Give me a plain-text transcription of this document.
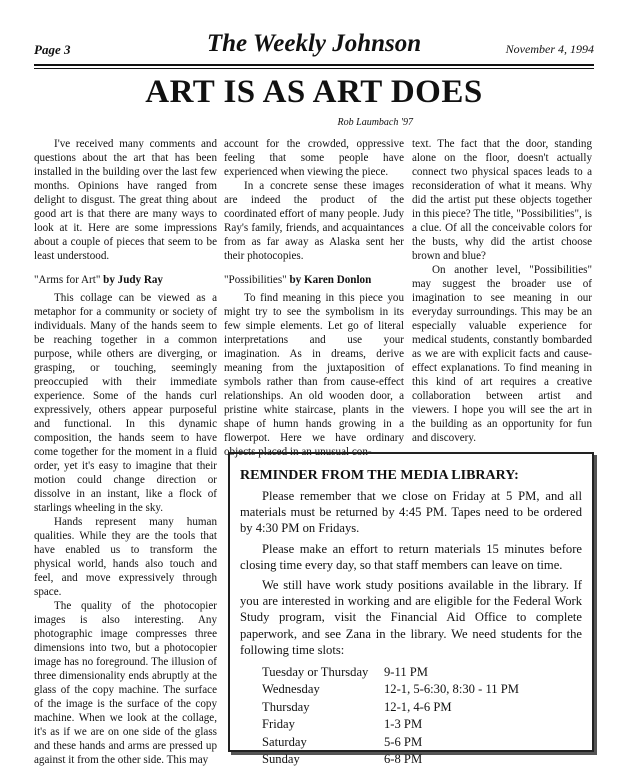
Page 3	The Weekly Johnson	November 4, 1994
ART IS AS ART DOES
Rob Laumbach '97

I've received many comments and questions about the art that has been installed in the building over the last few months. Opinions have ranged from delight to disgust. The great thing about good art is that there are many ways to look at it. Here are some impressions about a couple of pieces that seem to be least understood.

"Arms for Art" by Judy Ray

This collage can be viewed as a metaphor for a community or society of individuals. Many of the hands seem to be reaching together in a common purpose, while others are diverging, or grasping, or touching, seemingly preoccupied with their immediate experience. Some of the hands curl expressively, others appear purposeful and functional. In this dynamic composition, the hands seem to have come together for the moment in a fluid order, yet it's easy to imagine that their motion could change direction or dissolve in an instant, like a flock of starlings wheeling in the sky.

Hands represent many human qualities. While they are the tools that have enabled us to transform the physical world, hands also touch and feel, and move expressively through space.

The quality of the photocopier images is also interesting. Any photographic image compresses three dimensions into two, but a photocopier image has no foreground. The illusion of three dimensionality ends abruptly at the glass of the copy machine. The surface of the image is the surface of the copy machine. When we look at the collage, it's as if we are on one side of the glass and these hands and arms are pressed up against it from the other side. This may

account for the crowded, oppressive feeling that some people have experienced when viewing the piece.

In a concrete sense these images are indeed the product of the coordinated effort of many people. Judy Ray's family, friends, and acquaintances from as far away as Alaska sent her their photocopies.

"Possibilities" by Karen Donlon

To find meaning in this piece you might try to see the symbolism in its few simple elements. Let go of literal interpretations and use your imagination. As in dreams, derive meaning from the juxtaposition of symbols rather than from cause-effect relationships. An old wooden door, a pristine white staircase, plants in the shape of humn hands growing in a flowerpot. Here we have ordinary objects placed in an unusual con-

text. The fact that the door, standing alone on the floor, doesn't actually connect two physical spaces leads to a reconsideration of what it means. Why did the artist put these objects together in this piece? The title, "Possibilities", is a clue. Of all the conceivable colors for the busts, why did the artist choose brown and blue?

On another level, "Possibilities" may suggest the broader use of imagination to see meaning in our everyday surroundings. This may be an especially valuable experience for medical students, constantly bombarded as we are with explicit facts and cause-effect explanations. To find meaning in this kind of art requires a creative collaboration between artist and viewers. I hope you will see the art in the building as an opportunity for fun and discovery.

REMINDER FROM THE MEDIA LIBRARY:

Please remember that we close on Friday at 5 PM, and all materials must be returned by 4:45 PM. Tapes need to be ordered by 4:30 PM on Fridays.

Please make an effort to return materials 15 minutes before closing time every day, so that staff members can leave on time.

We still have work study positions available in the library. If you are interested in working and are eligible for the Federal Work Study program, visit the Financial Aid Office to complete paperwork, and see Zana in the library. We need students for the following time slots:

Tuesday or Thursday 9-11 PM
Wednesday	12-1, 5-6:30, 8:30 - 11 PM
Thursday	12-1, 4-6 PM
Friday	1-3 PM
Saturday	5-6 PM
Sunday	6-8 PM
